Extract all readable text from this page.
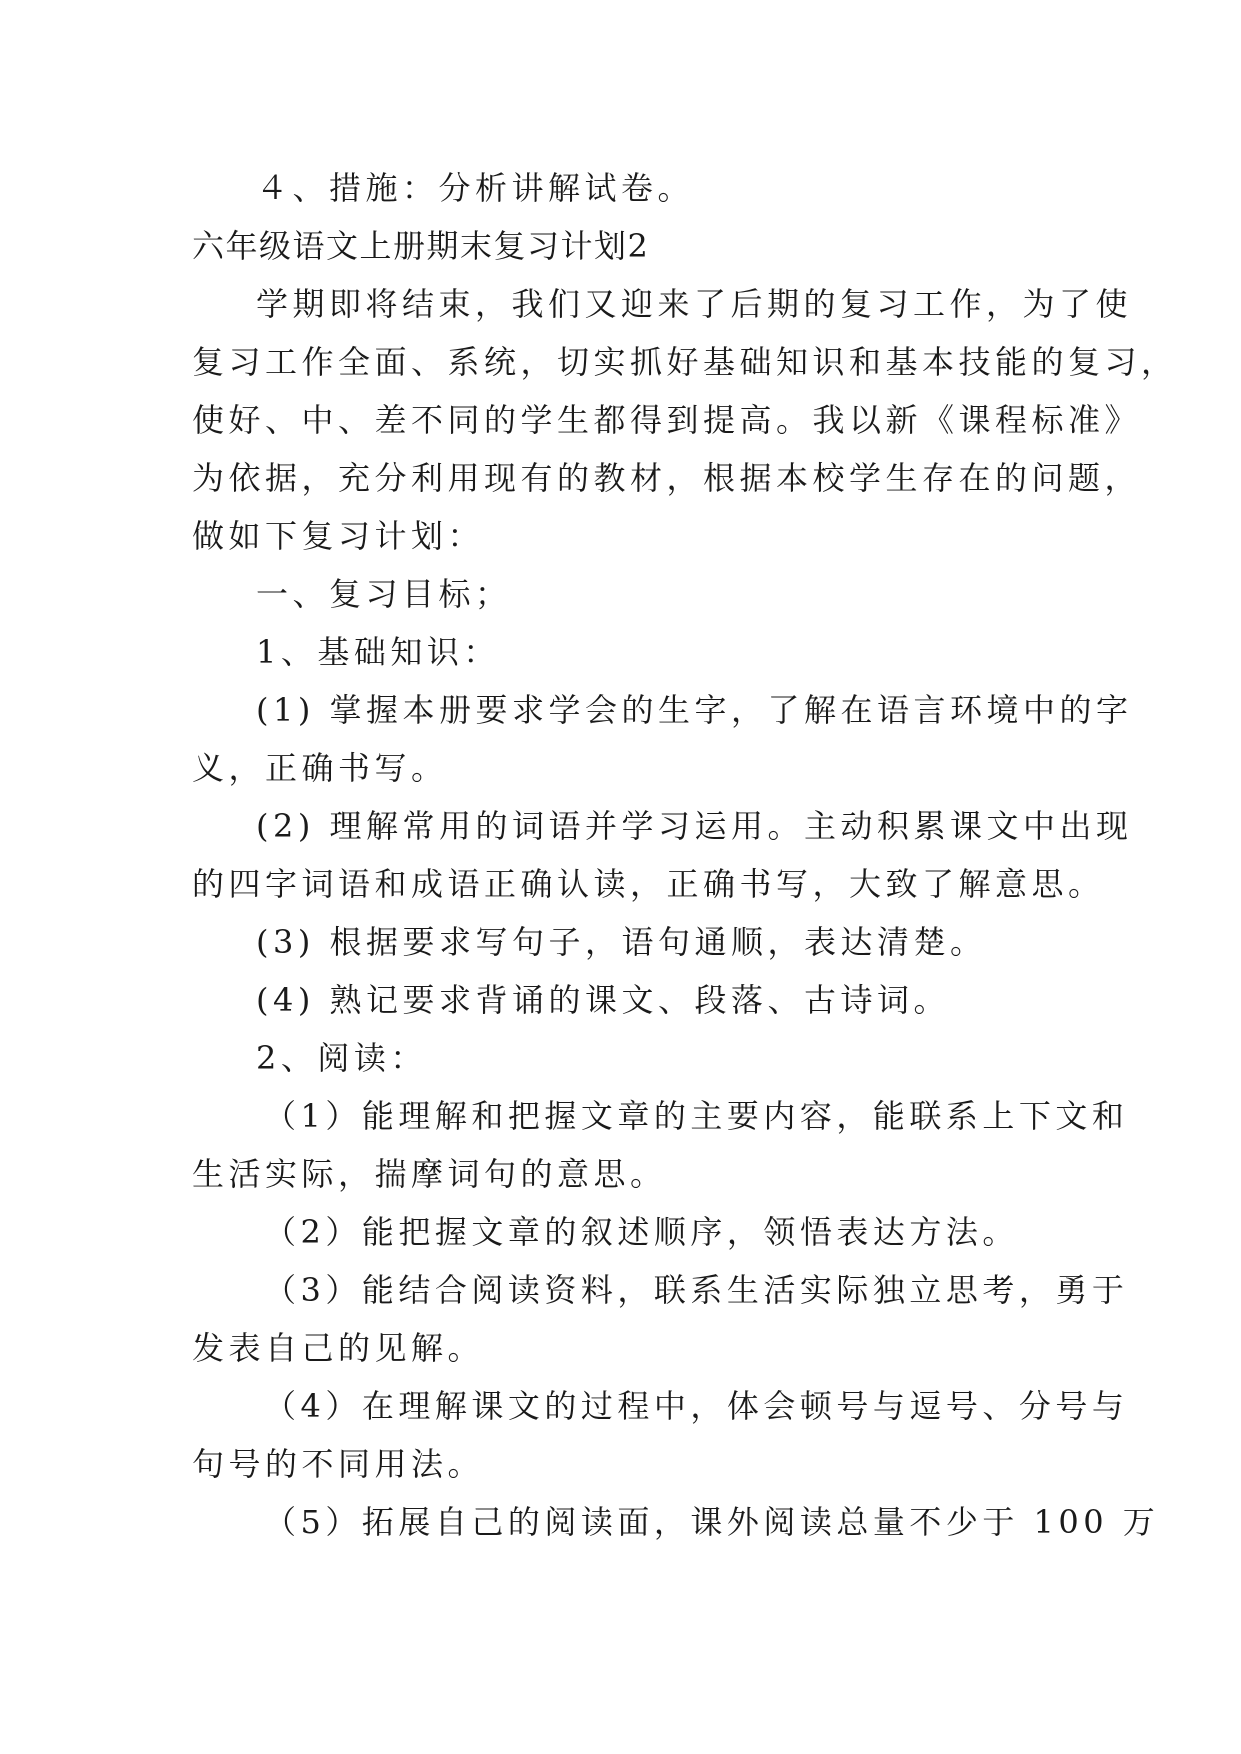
４、措施：分析讲解试卷。

六年级语文上册期末复习计划2

学期即将结束，我们又迎来了后期的复习工作，为了使

复习工作全面、系统，切实抓好基础知识和基本技能的复习，

使好、中、差不同的学生都得到提高。我以新《课程标准》

为依据，充分利用现有的教材，根据本校学生存在的问题，

做如下复习计划：

一、复习目标；

1、基础知识：

(1) 掌握本册要求学会的生字，了解在语言环境中的字

义，正确书写。

(2) 理解常用的词语并学习运用。主动积累课文中出现

的四字词语和成语正确认读，正确书写，大致了解意思。

(3) 根据要求写句子，语句通顺，表达清楚。

(4) 熟记要求背诵的课文、段落、古诗词。

2、阅读：

（1）能理解和把握文章的主要内容，能联系上下文和

生活实际，揣摩词句的意思。

（2）能把握文章的叙述顺序，领悟表达方法。

（3）能结合阅读资料，联系生活实际独立思考，勇于

发表自己的见解。

（4）在理解课文的过程中，体会顿号与逗号、分号与

句号的不同用法。

（5）拓展自己的阅读面，课外阅读总量不少于 100 万
